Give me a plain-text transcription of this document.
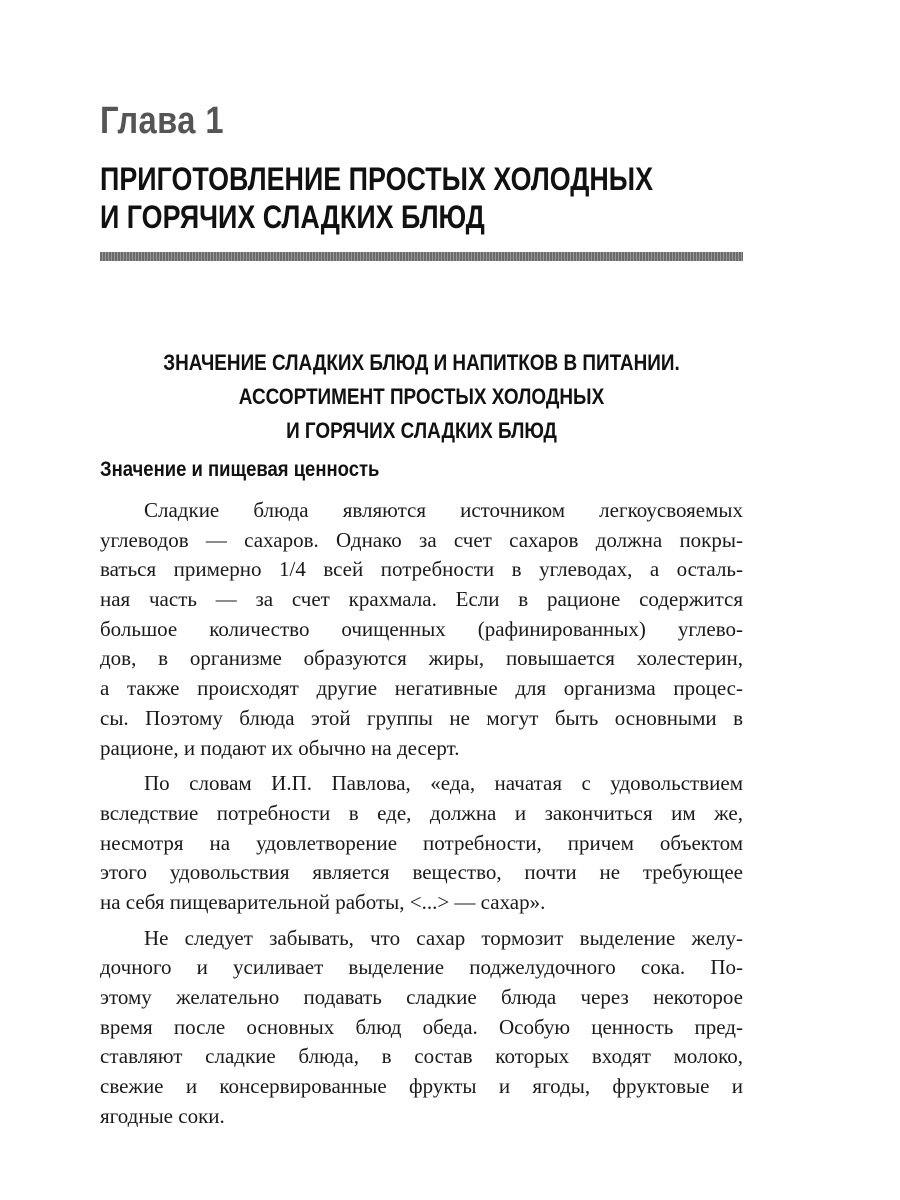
Глава 1
ПРИГОТОВЛЕНИЕ ПРОСТЫХ ХОЛОДНЫХ
И ГОРЯЧИХ СЛАДКИХ БЛЮД
ЗНАЧЕНИЕ СЛАДКИХ БЛЮД И НАПИТКОВ В ПИТАНИИ.
АССОРТИМЕНТ ПРОСТЫХ ХОЛОДНЫХ
И ГОРЯЧИХ СЛАДКИХ БЛЮД
Значение и пищевая ценность
Сладкие блюда являются источником легкоусвояемых
углеводов — сахаров. Однако за счет сахаров должна покры-
ваться примерно 1/4 всей потребности в углеводах, а осталь-
ная часть — за счет крахмала. Если в рационе содержится
большое количество очищенных (рафинированных) углево-
дов, в организме образуются жиры, повышается холестерин,
а также происходят другие негативные для организма процес-
сы. Поэтому блюда этой группы не могут быть основными в
рационе, и подают их обычно на десерт.
По словам И.П. Павлова, «еда, начатая с удовольствием
вследствие потребности в еде, должна и закончиться им же,
несмотря на удовлетворение потребности, причем объектом
этого удовольствия является вещество, почти не требующее
на себя пищеварительной работы, <...> — сахар».
Не следует забывать, что сахар тормозит выделение желу-
дочного и усиливает выделение поджелудочного сока. По-
этому желательно подавать сладкие блюда через некоторое
время после основных блюд обеда. Особую ценность пред-
ставляют сладкие блюда, в состав которых входят молоко,
свежие и консервированные фрукты и ягоды, фруктовые и
ягодные соки.
